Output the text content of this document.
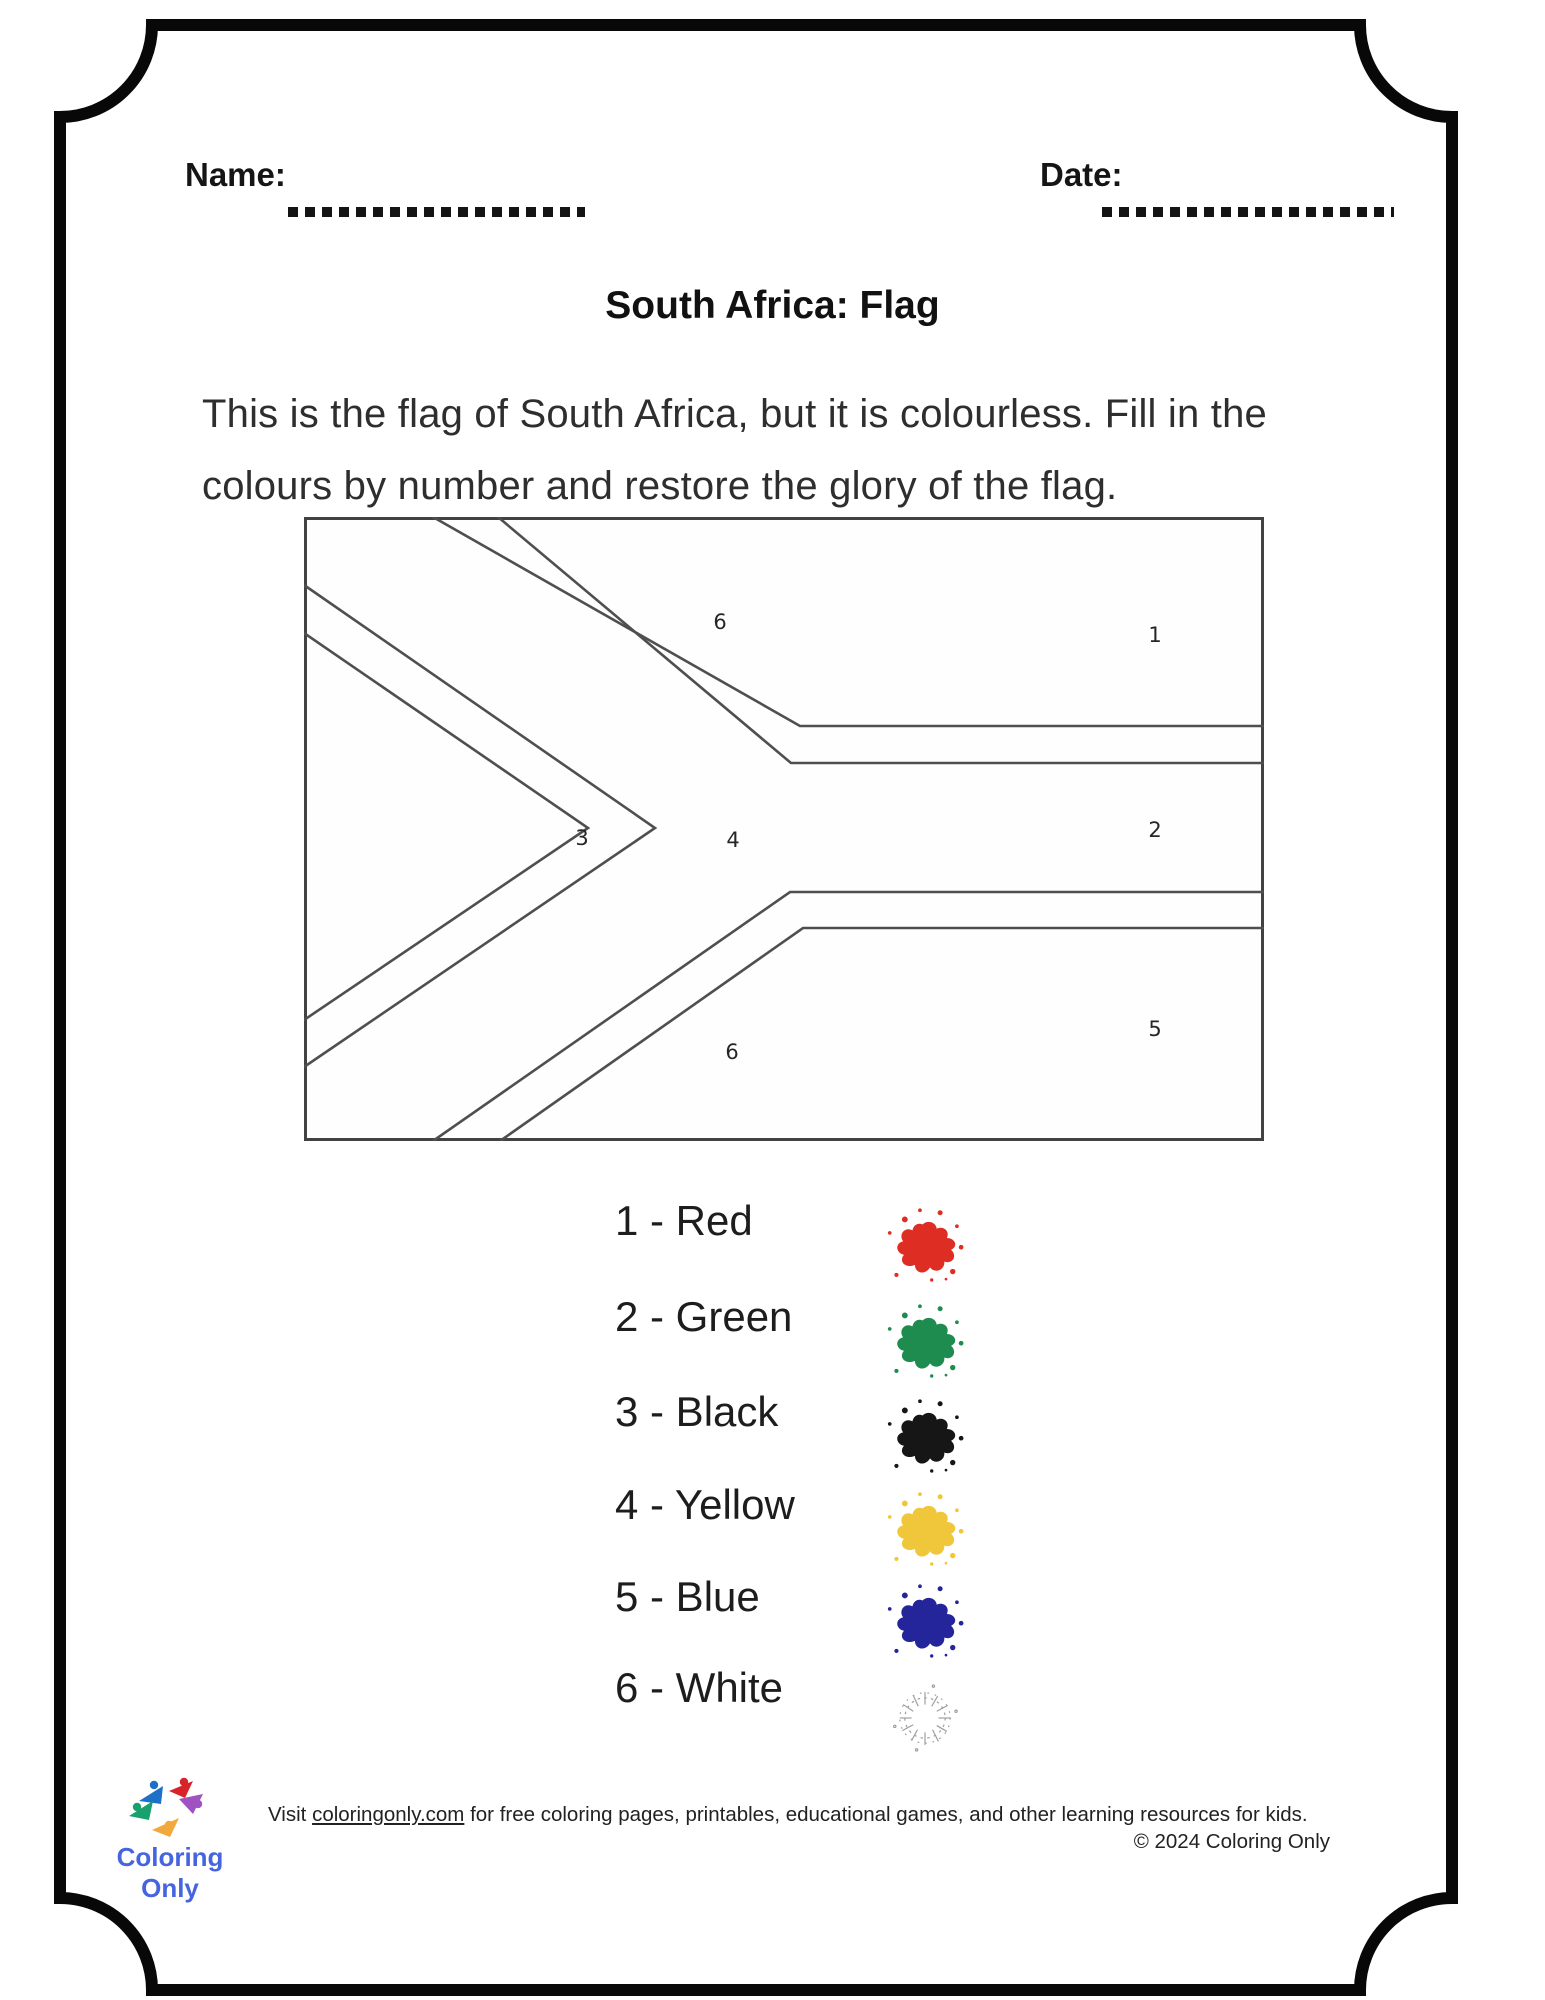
Name:	Date:
South Africa: Flag
This is the flag of South Africa, but it is colourless. Fill in the
colours by number and restore the glory of the flag.
6
1
3	4	2
5
6
1 - Red
2 - Green
3 - Black
4 - Yellow
5 - Blue
6 - White
Coloring Only
Visit coloringonly.com for free coloring pages, printables, educational games, and other learning resources for kids.
© 2024 Coloring Only
